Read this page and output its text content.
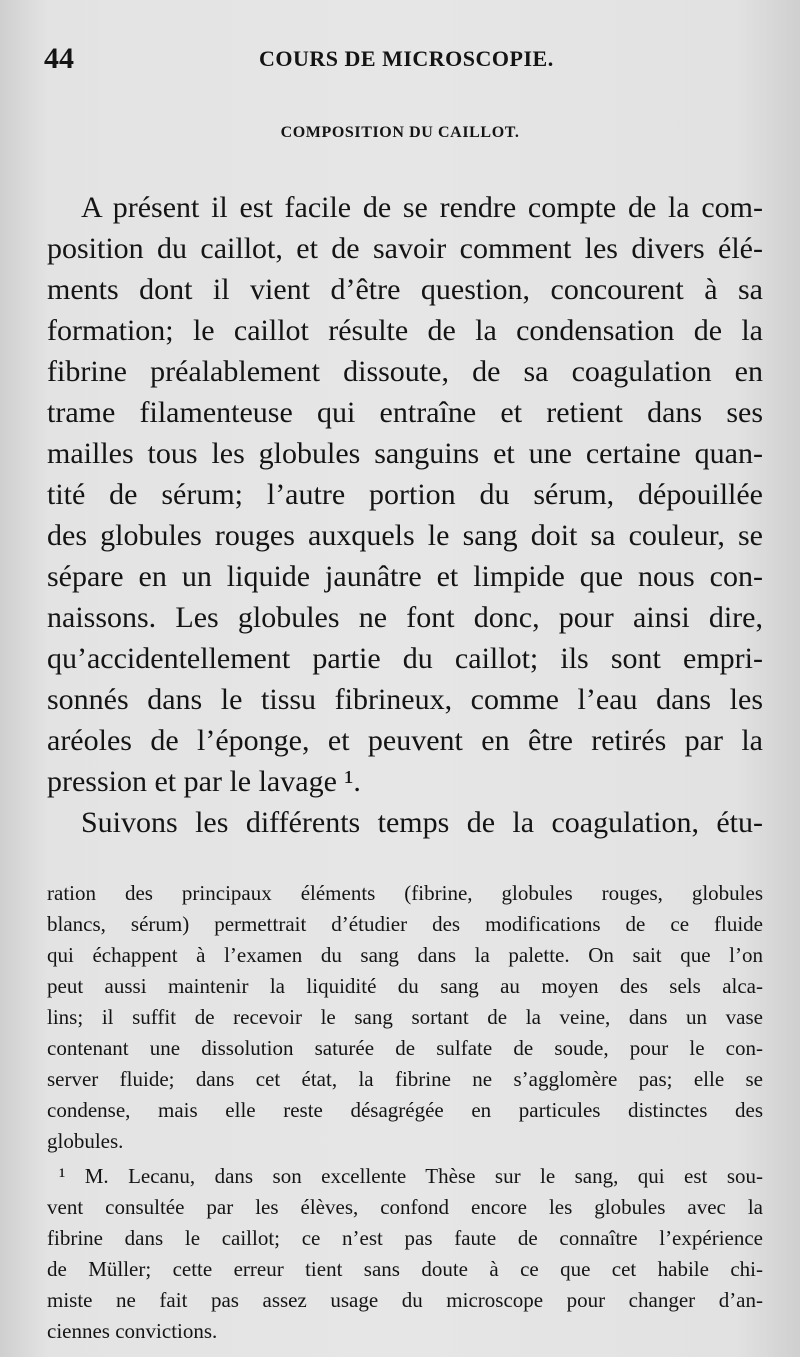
44	COURS DE MICROSCOPIE.
COMPOSITION DU CAILLOT.
A présent il est facile de se rendre compte de la com-
position du caillot, et de savoir comment les divers élé-
ments dont il vient d’être question, concourent à sa
formation; le caillot résulte de la condensation de la
fibrine préalablement dissoute, de sa coagulation en
trame filamenteuse qui entraîne et retient dans ses
mailles tous les globules sanguins et une certaine quan-
tité de sérum; l’autre portion du sérum, dépouillée
des globules rouges auxquels le sang doit sa couleur, se
sépare en un liquide jaunâtre et limpide que nous con-
naissons. Les globules ne font donc, pour ainsi dire,
qu’accidentellement partie du caillot; ils sont empri-
sonnés dans le tissu fibrineux, comme l’eau dans les
aréoles de l’éponge, et peuvent en être retirés par la
pression et par le lavage ¹.
Suivons les différents temps de la coagulation, étu-
ration des principaux éléments (fibrine, globules rouges, globules
blancs, sérum) permettrait d’étudier des modifications de ce fluide
qui échappent à l’examen du sang dans la palette. On sait que l’on
peut aussi maintenir la liquidité du sang au moyen des sels alca-
lins; il suffit de recevoir le sang sortant de la veine, dans un vase
contenant une dissolution saturée de sulfate de soude, pour le con-
server fluide; dans cet état, la fibrine ne s’agglomère pas; elle se
condense, mais elle reste désagrégée en particules distinctes des
globules.
¹ M. Lecanu, dans son excellente Thèse sur le sang, qui est sou-
vent consultée par les élèves, confond encore les globules avec la
fibrine dans le caillot; ce n’est pas faute de connaître l’expérience
de Müller; cette erreur tient sans doute à ce que cet habile chi-
miste ne fait pas assez usage du microscope pour changer d’an-
ciennes convictions.
